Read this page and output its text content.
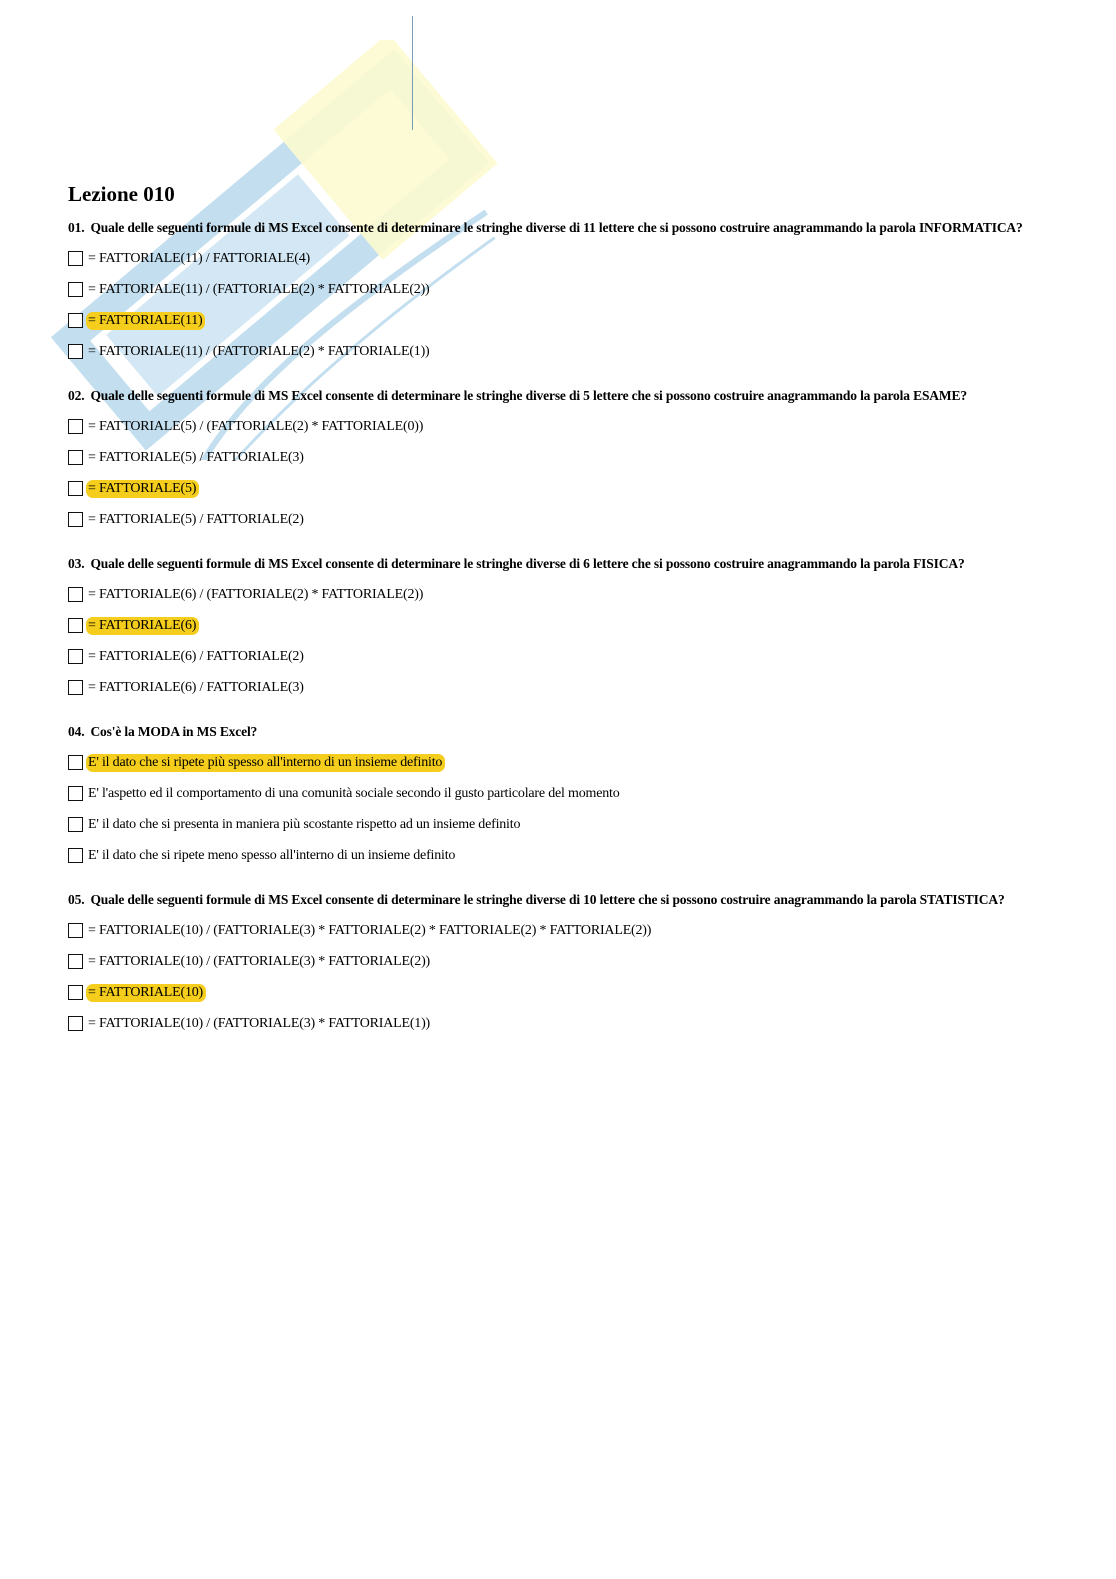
Lezione 010

01. Quale delle seguenti formule di MS Excel consente di determinare le stringhe diverse di 11 lettere che si possono costruire anagrammando la parola INFORMATICA?

= FATTORIALE(11) / FATTORIALE(4)
= FATTORIALE(11) / (FATTORIALE(2) * FATTORIALE(2))
= FATTORIALE(11)
= FATTORIALE(11) / (FATTORIALE(2) * FATTORIALE(1))

02. Quale delle seguenti formule di MS Excel consente di determinare le stringhe diverse di 5 lettere che si possono costruire anagrammando la parola ESAME?

= FATTORIALE(5) / (FATTORIALE(2) * FATTORIALE(0))
= FATTORIALE(5) / FATTORIALE(3)
= FATTORIALE(5)
= FATTORIALE(5) / FATTORIALE(2)

03. Quale delle seguenti formule di MS Excel consente di determinare le stringhe diverse di 6 lettere che si possono costruire anagrammando la parola FISICA?

= FATTORIALE(6) / (FATTORIALE(2) * FATTORIALE(2))
= FATTORIALE(6)
= FATTORIALE(6) / FATTORIALE(2)
= FATTORIALE(6) / FATTORIALE(3)

04. Cos'è la MODA in MS Excel?

E' il dato che si ripete più spesso all'interno di un insieme definito
E' l'aspetto ed il comportamento di una comunità sociale secondo il gusto particolare del momento
E' il dato che si presenta in maniera più scostante rispetto ad un insieme definito
E' il dato che si ripete meno spesso all'interno di un insieme definito

05. Quale delle seguenti formule di MS Excel consente di determinare le stringhe diverse di 10 lettere che si possono costruire anagrammando la parola STATISTICA?

= FATTORIALE(10) / (FATTORIALE(3) * FATTORIALE(2) * FATTORIALE(2) * FATTORIALE(2))
= FATTORIALE(10) / (FATTORIALE(3) * FATTORIALE(2))
= FATTORIALE(10)
= FATTORIALE(10) / (FATTORIALE(3) * FATTORIALE(1))
